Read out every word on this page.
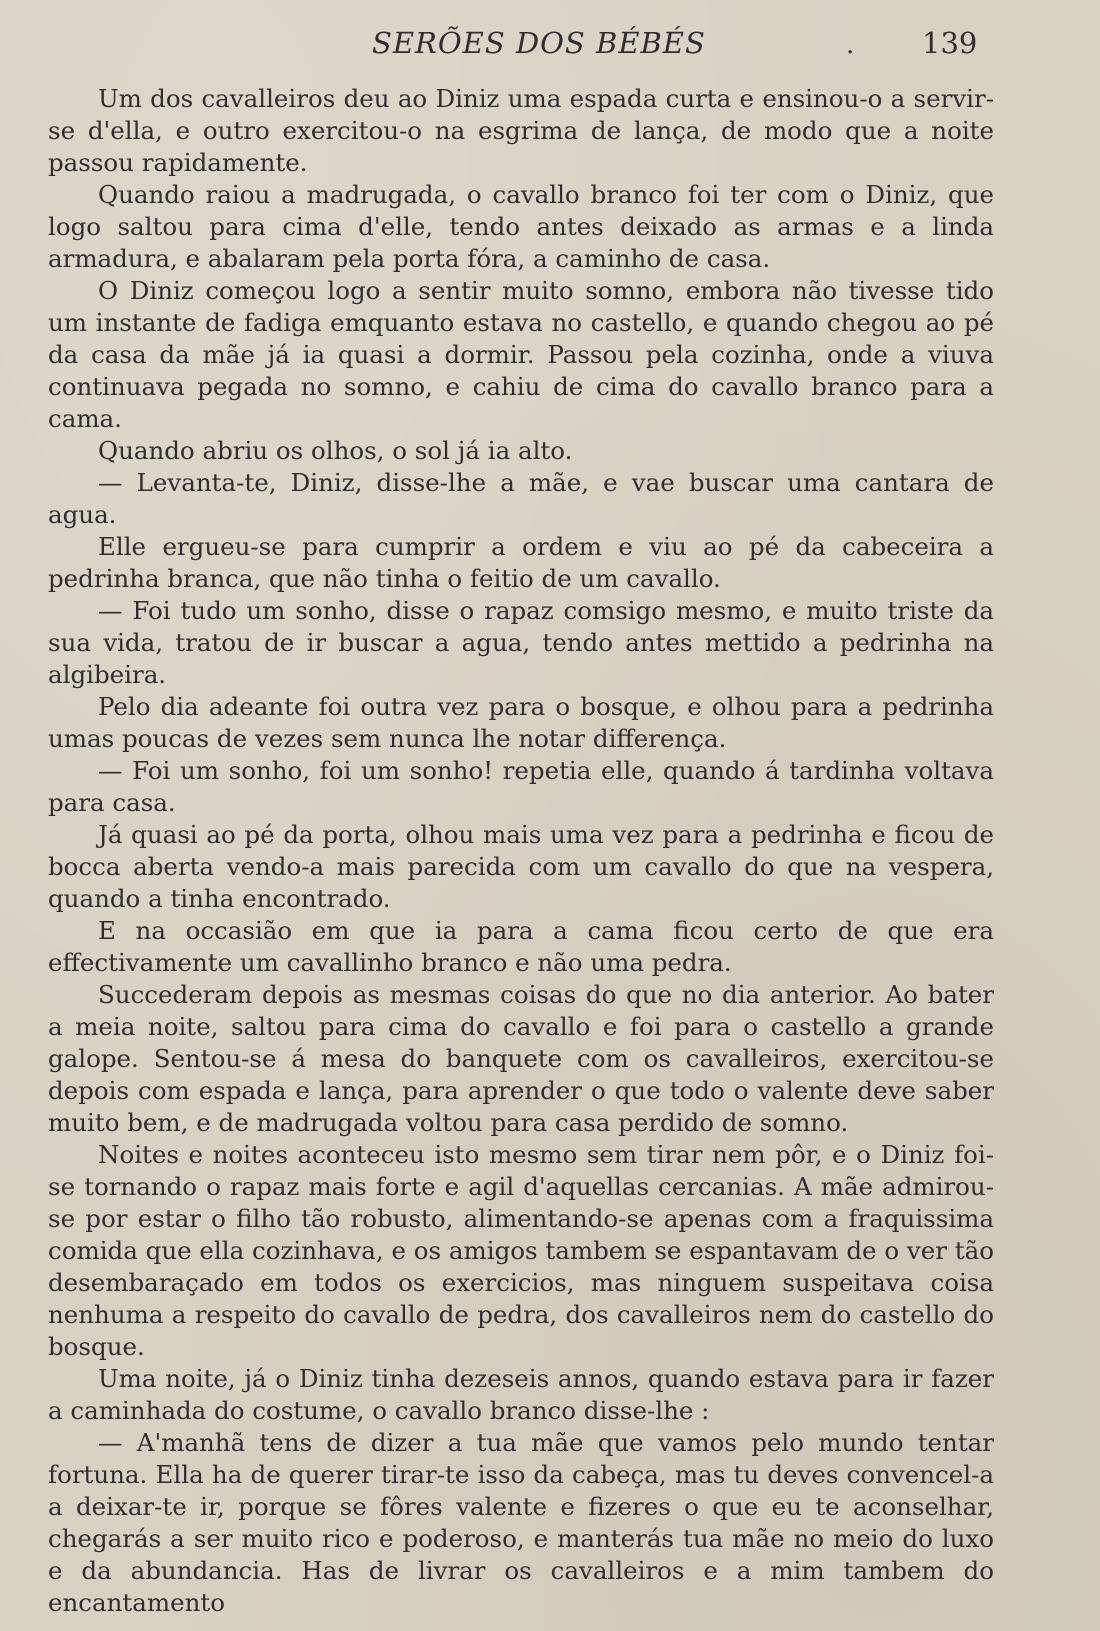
SERÕES DOS BÉBÉS	. 139

Um dos cavalleiros deu ao Diniz uma espada curta e ensinou-o a servir-se d'ella, e outro exercitou-o na esgrima de lança, de modo que a noite passou rapidamente.

Quando raiou a madrugada, o cavallo branco foi ter com o Diniz, que logo saltou para cima d'elle, tendo antes deixado as armas e a linda armadura, e abalaram pela porta fóra, a caminho de casa.

O Diniz começou logo a sentir muito somno, embora não tivesse tido um instante de fadiga emquanto estava no castello, e quando chegou ao pé da casa da mãe já ia quasi a dormir. Passou pela cozinha, onde a viuva continuava pegada no somno, e cahiu de cima do cavallo branco para a cama.

Quando abriu os olhos, o sol já ia alto.

— Levanta-te, Diniz, disse-lhe a mãe, e vae buscar uma cantara de agua.

Elle ergueu-se para cumprir a ordem e viu ao pé da cabeceira a pedrinha branca, que não tinha o feitio de um cavallo.

— Foi tudo um sonho, disse o rapaz comsigo mesmo, e muito triste da sua vida, tratou de ir buscar a agua, tendo antes mettido a pedrinha na algibeira.

Pelo dia adeante foi outra vez para o bosque, e olhou para a pedrinha umas poucas de vezes sem nunca lhe notar differença.

— Foi um sonho, foi um sonho! repetia elle, quando á tardinha voltava para casa.

Já quasi ao pé da porta, olhou mais uma vez para a pedrinha e ficou de bocca aberta vendo-a mais parecida com um cavallo do que na vespera, quando a tinha encontrado.

E na occasião em que ia para a cama ficou certo de que era effectivamente um cavallinho branco e não uma pedra.

Succederam depois as mesmas coisas do que no dia anterior. Ao bater a meia noite, saltou para cima do cavallo e foi para o castello a grande galope. Sentou-se á mesa do banquete com os cavalleiros, exercitou-se depois com espada e lança, para aprender o que todo o valente deve saber muito bem, e de madrugada voltou para casa perdido de somno.

Noites e noites aconteceu isto mesmo sem tirar nem pôr, e o Diniz foi-se tornando o rapaz mais forte e agil d'aquellas cercanias. A mãe admirou-se por estar o filho tão robusto, alimentando-se apenas com a fraquissima comida que ella cozinhava, e os amigos tambem se espantavam de o ver tão desembaraçado em todos os exercicios, mas ninguem suspeitava coisa nenhuma a respeito do cavallo de pedra, dos cavalleiros nem do castello do bosque.

Uma noite, já o Diniz tinha dezeseis annos, quando estava para ir fazer a caminhada do costume, o cavallo branco disse-lhe :

— A'manhã tens de dizer a tua mãe que vamos pelo mundo tentar fortuna. Ella ha de querer tirar-te isso da cabeça, mas tu deves convencel-a a deixar-te ir, porque se fôres valente e fizeres o que eu te aconselhar, chegarás a ser muito rico e poderoso, e manterás tua mãe no meio do luxo e da abundancia. Has de livrar os cavalleiros e a mim tambem do encantamento
